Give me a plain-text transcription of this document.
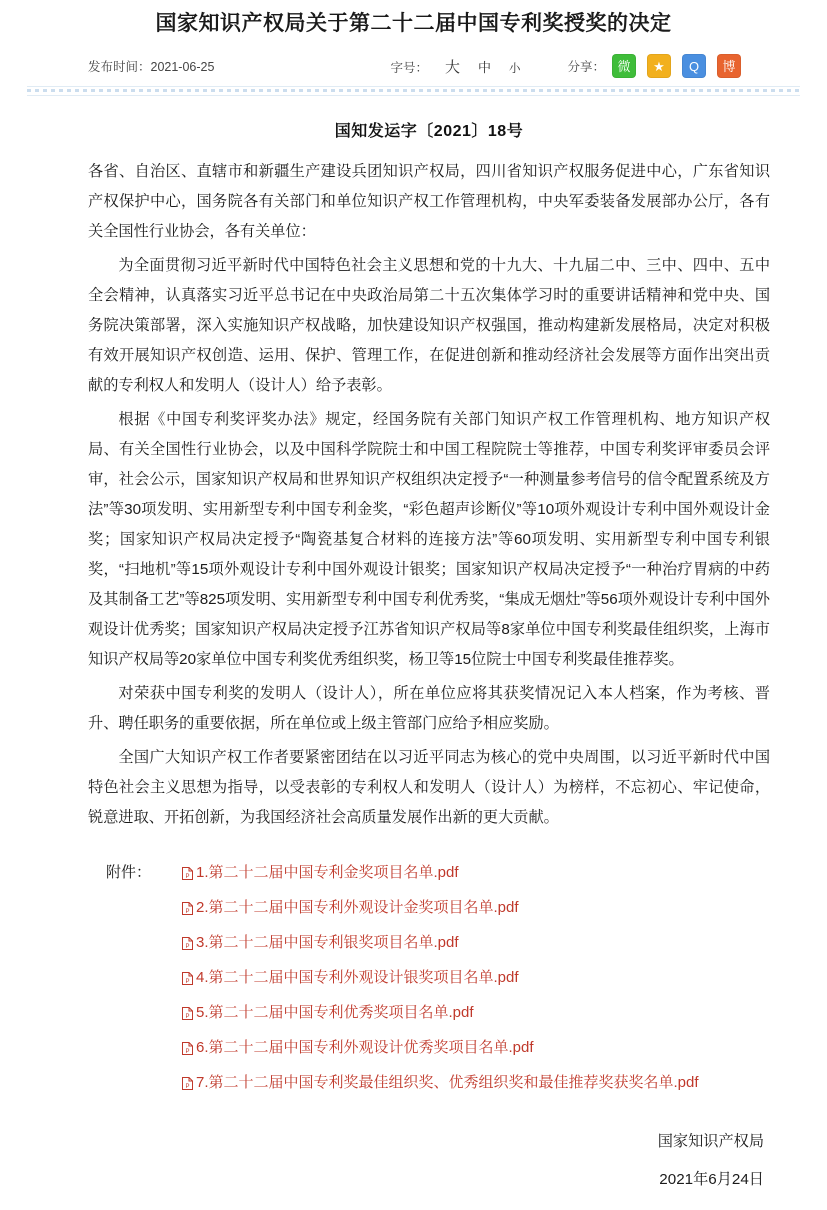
国家知识产权局关于第二十二届中国专利奖授奖的决定
发布时间：2021-06-25	字号：	大	中	小	分享： 微	★	Q	博
国知发运字〔2021〕18号

各省、自治区、直辖市和新疆生产建设兵团知识产权局，四川省知识产权服务促进中心，广东省知识产权保护中心，国务院各有关部门和单位知识产权工作管理机构，中央军委装备发展部办公厅，各有关全国性行业协会，各有关单位：

为全面贯彻习近平新时代中国特色社会主义思想和党的十九大、十九届二中、三中、四中、五中全会精神，认真落实习近平总书记在中央政治局第二十五次集体学习时的重要讲话精神和党中央、国务院决策部署，深入实施知识产权战略，加快建设知识产权强国，推动构建新发展格局，决定对积极有效开展知识产权创造、运用、保护、管理工作，在促进创新和推动经济社会发展等方面作出突出贡献的专利权人和发明人（设计人）给予表彰。

根据《中国专利奖评奖办法》规定，经国务院有关部门知识产权工作管理机构、地方知识产权局、有关全国性行业协会，以及中国科学院院士和中国工程院院士等推荐，中国专利奖评审委员会评审，社会公示，国家知识产权局和世界知识产权组织决定授予“一种测量参考信号的信令配置系统及方法”等30项发明、实用新型专利中国专利金奖，“彩色超声诊断仪”等10项外观设计专利中国外观设计金奖；国家知识产权局决定授予“陶瓷基复合材料的连接方法”等60项发明、实用新型专利中国专利银奖，“扫地机”等15项外观设计专利中国外观设计银奖；国家知识产权局决定授予“一种治疗胃病的中药及其制备工艺”等825项发明、实用新型专利中国专利优秀奖，“集成无烟灶”等56项外观设计专利中国外观设计优秀奖；国家知识产权局决定授予江苏省知识产权局等8家单位中国专利奖最佳组织奖，上海市知识产权局等20家单位中国专利奖优秀组织奖，杨卫等15位院士中国专利奖最佳推荐奖。

对荣获中国专利奖的发明人（设计人），所在单位应将其获奖情况记入本人档案，作为考核、晋升、聘任职务的重要依据，所在单位或上级主管部门应给予相应奖励。

全国广大知识产权工作者要紧密团结在以习近平同志为核心的党中央周围，以习近平新时代中国特色社会主义思想为指导，以受表彰的专利权人和发明人（设计人）为榜样，不忘初心、牢记使命，锐意进取、开拓创新，为我国经济社会高质量发展作出新的更大贡献。

附件：	P 1.第二十二届中国专利金奖项目名单.pdf
P 2.第二十二届中国专利外观设计金奖项目名单.pdf
P 3.第二十二届中国专利银奖项目名单.pdf
P 4.第二十二届中国专利外观设计银奖项目名单.pdf
P 5.第二十二届中国专利优秀奖项目名单.pdf
P 6.第二十二届中国专利外观设计优秀奖项目名单.pdf
P 7.第二十二届中国专利奖最佳组织奖、优秀组织奖和最佳推荐奖获奖名单.pdf
国家知识产权局
2021年6月24日
